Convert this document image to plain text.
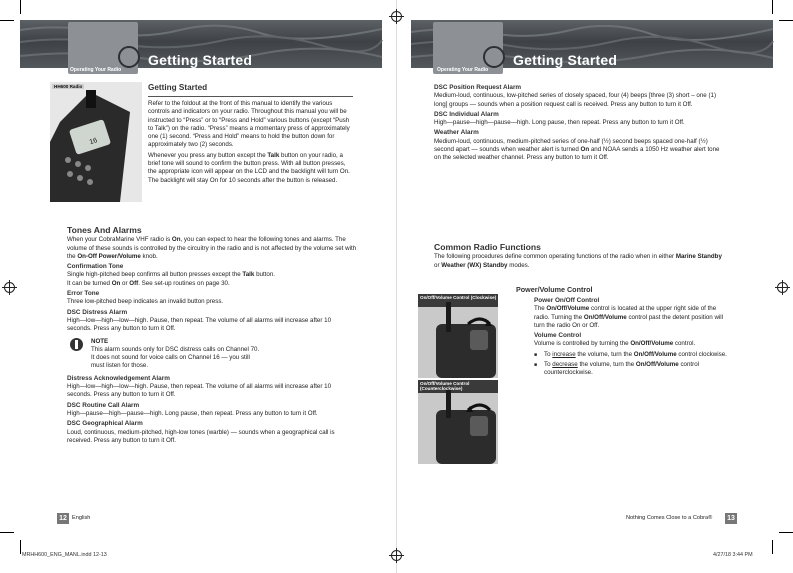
Getting Started
Operating Your Radio
Getting Started
Operating Your Radio
16
HH600 Radio	Getting Started

Refer to the foldout at the front of this manual to identify the various controls and indicators on your radio. Throughout this manual you will be instructed to “Press” or to “Press and Hold” various buttons (except “Push to Talk”) on the radio. “Press” means a momentary press of approximately one (1) second. “Press and Hold” means to hold the button down for approximately two (2) seconds.

Whenever you press any button except the Talk button on your radio, a brief tone will sound to confirm the button press. With all button presses, the appropriate icon will appear on the LCD and the backlight will turn On. The backlight will stay On for 10 seconds after the button is released.

Tones And Alarms

When your CobraMarine VHF radio is On, you can expect to hear the following tones and alarms. The volume of these sounds is controlled by the circuitry in the radio and is not affected by the volume set with the On-Off Power/Volume knob.

Confirmation Tone
Single high-pitched beep confirms all button presses except the Talk button.

It can be turned On or Off. See set-up routines on page 30.

Error Tone

Three low-pitched beep indicates an invalid button press.

DSC Distress Alarm

High—low—high—low—high. Pause, then repeat. The volume of all alarms will increase after 10 seconds. Press any button to turn it Off.

NOTE
This alarm sounds only for DSC distress calls on Channel 70.
It does not sound for voice calls on Channel 16 — you still
must listen for those.
Distress Acknowledgement Alarm

High—low—high—low—high. Pause, then repeat. The volume of all alarms will increase after 10 seconds. Press any button to turn it Off.

DSC Routine Call Alarm

High—pause—high—pause—high. Long pause, then repeat. Press any button to turn it Off.

DSC Geographical Alarm

Loud, continuous, medium-pitched, high-low tones (warble) — sounds when a geographical call is received. Press any button to turn it Off.

12 English
DSC Position Request Alarm

Medium-loud, continuous, low-pitched series of closely spaced, four (4) beeps [three (3) short – one (1) long] groups — sounds when a position request call is received. Press any button to turn it Off.

DSC Individual Alarm

High—pause—high—pause—high. Long pause, then repeat. Press any button to turn it Off.

Weather Alarm

Medium-loud, continuous, medium-pitched series of one-half (½) second beeps spaced one-half (½) second apart — sounds when weather alert is turned On and NOAA sends a 1050 Hz weather alert tone on the selected weather channel. Press any button to turn it Off.

Common Radio Functions

The following procedures define common operating functions of the radio when in either Marine Standby or Weather (WX) Standby modes.

Power/Volume Control
On/Off/Volume Control (Clockwise)
On/Off/Volume Control (Counterclockwise)
Power On/Off Control

The On/Off/Volume control is located at the upper right side of the radio. Turning the On/Off/Volume control past the detent position will turn the radio On or Off.

Volume Control

Volume is controlled by turning the On/Off/Volume control.

■ To increase the volume, turn the On/Off/Volume control clockwise.
■ To decrease the volume, turn the On/Off/Volume control counterclockwise.
Nothing Comes Close to a Cobra® 13
MRHH600_ENG_MANL.indd 12-13	4/27/18 3:44 PM
